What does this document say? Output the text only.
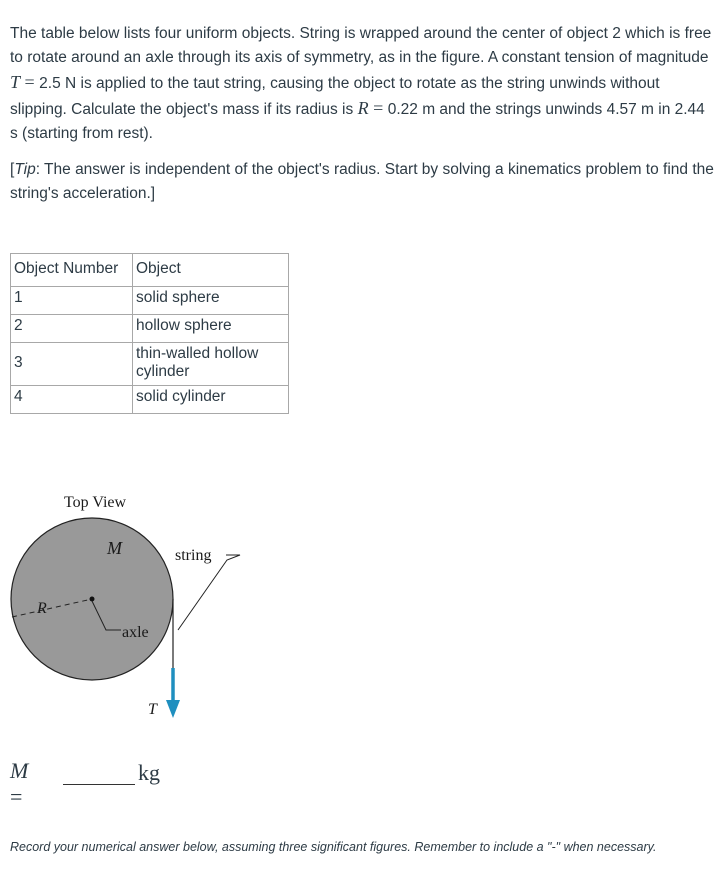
The table below lists four uniform objects. String is wrapped around the center of object 2 which is free to rotate around an axle through its axis of symmetry, as in the figure. A constant tension of magnitude T = 2.5 N is applied to the taut string, causing the object to rotate as the string unwinds without slipping. Calculate the object's mass if its radius is R = 0.22 m and the strings unwinds 4.57 m in 2.44 s (starting from rest).
[Tip: The answer is independent of the object's radius. Start by solving a kinematics problem to find the string's acceleration.]
Object Number	Object
1	solid sphere
2	hollow sphere
3	thin-walled hollow cylinder
4	solid cylinder
Top View
axle
R
M	string
T
M =
kg
Record your numerical answer below, assuming three significant figures. Remember to include a "-" when necessary.
